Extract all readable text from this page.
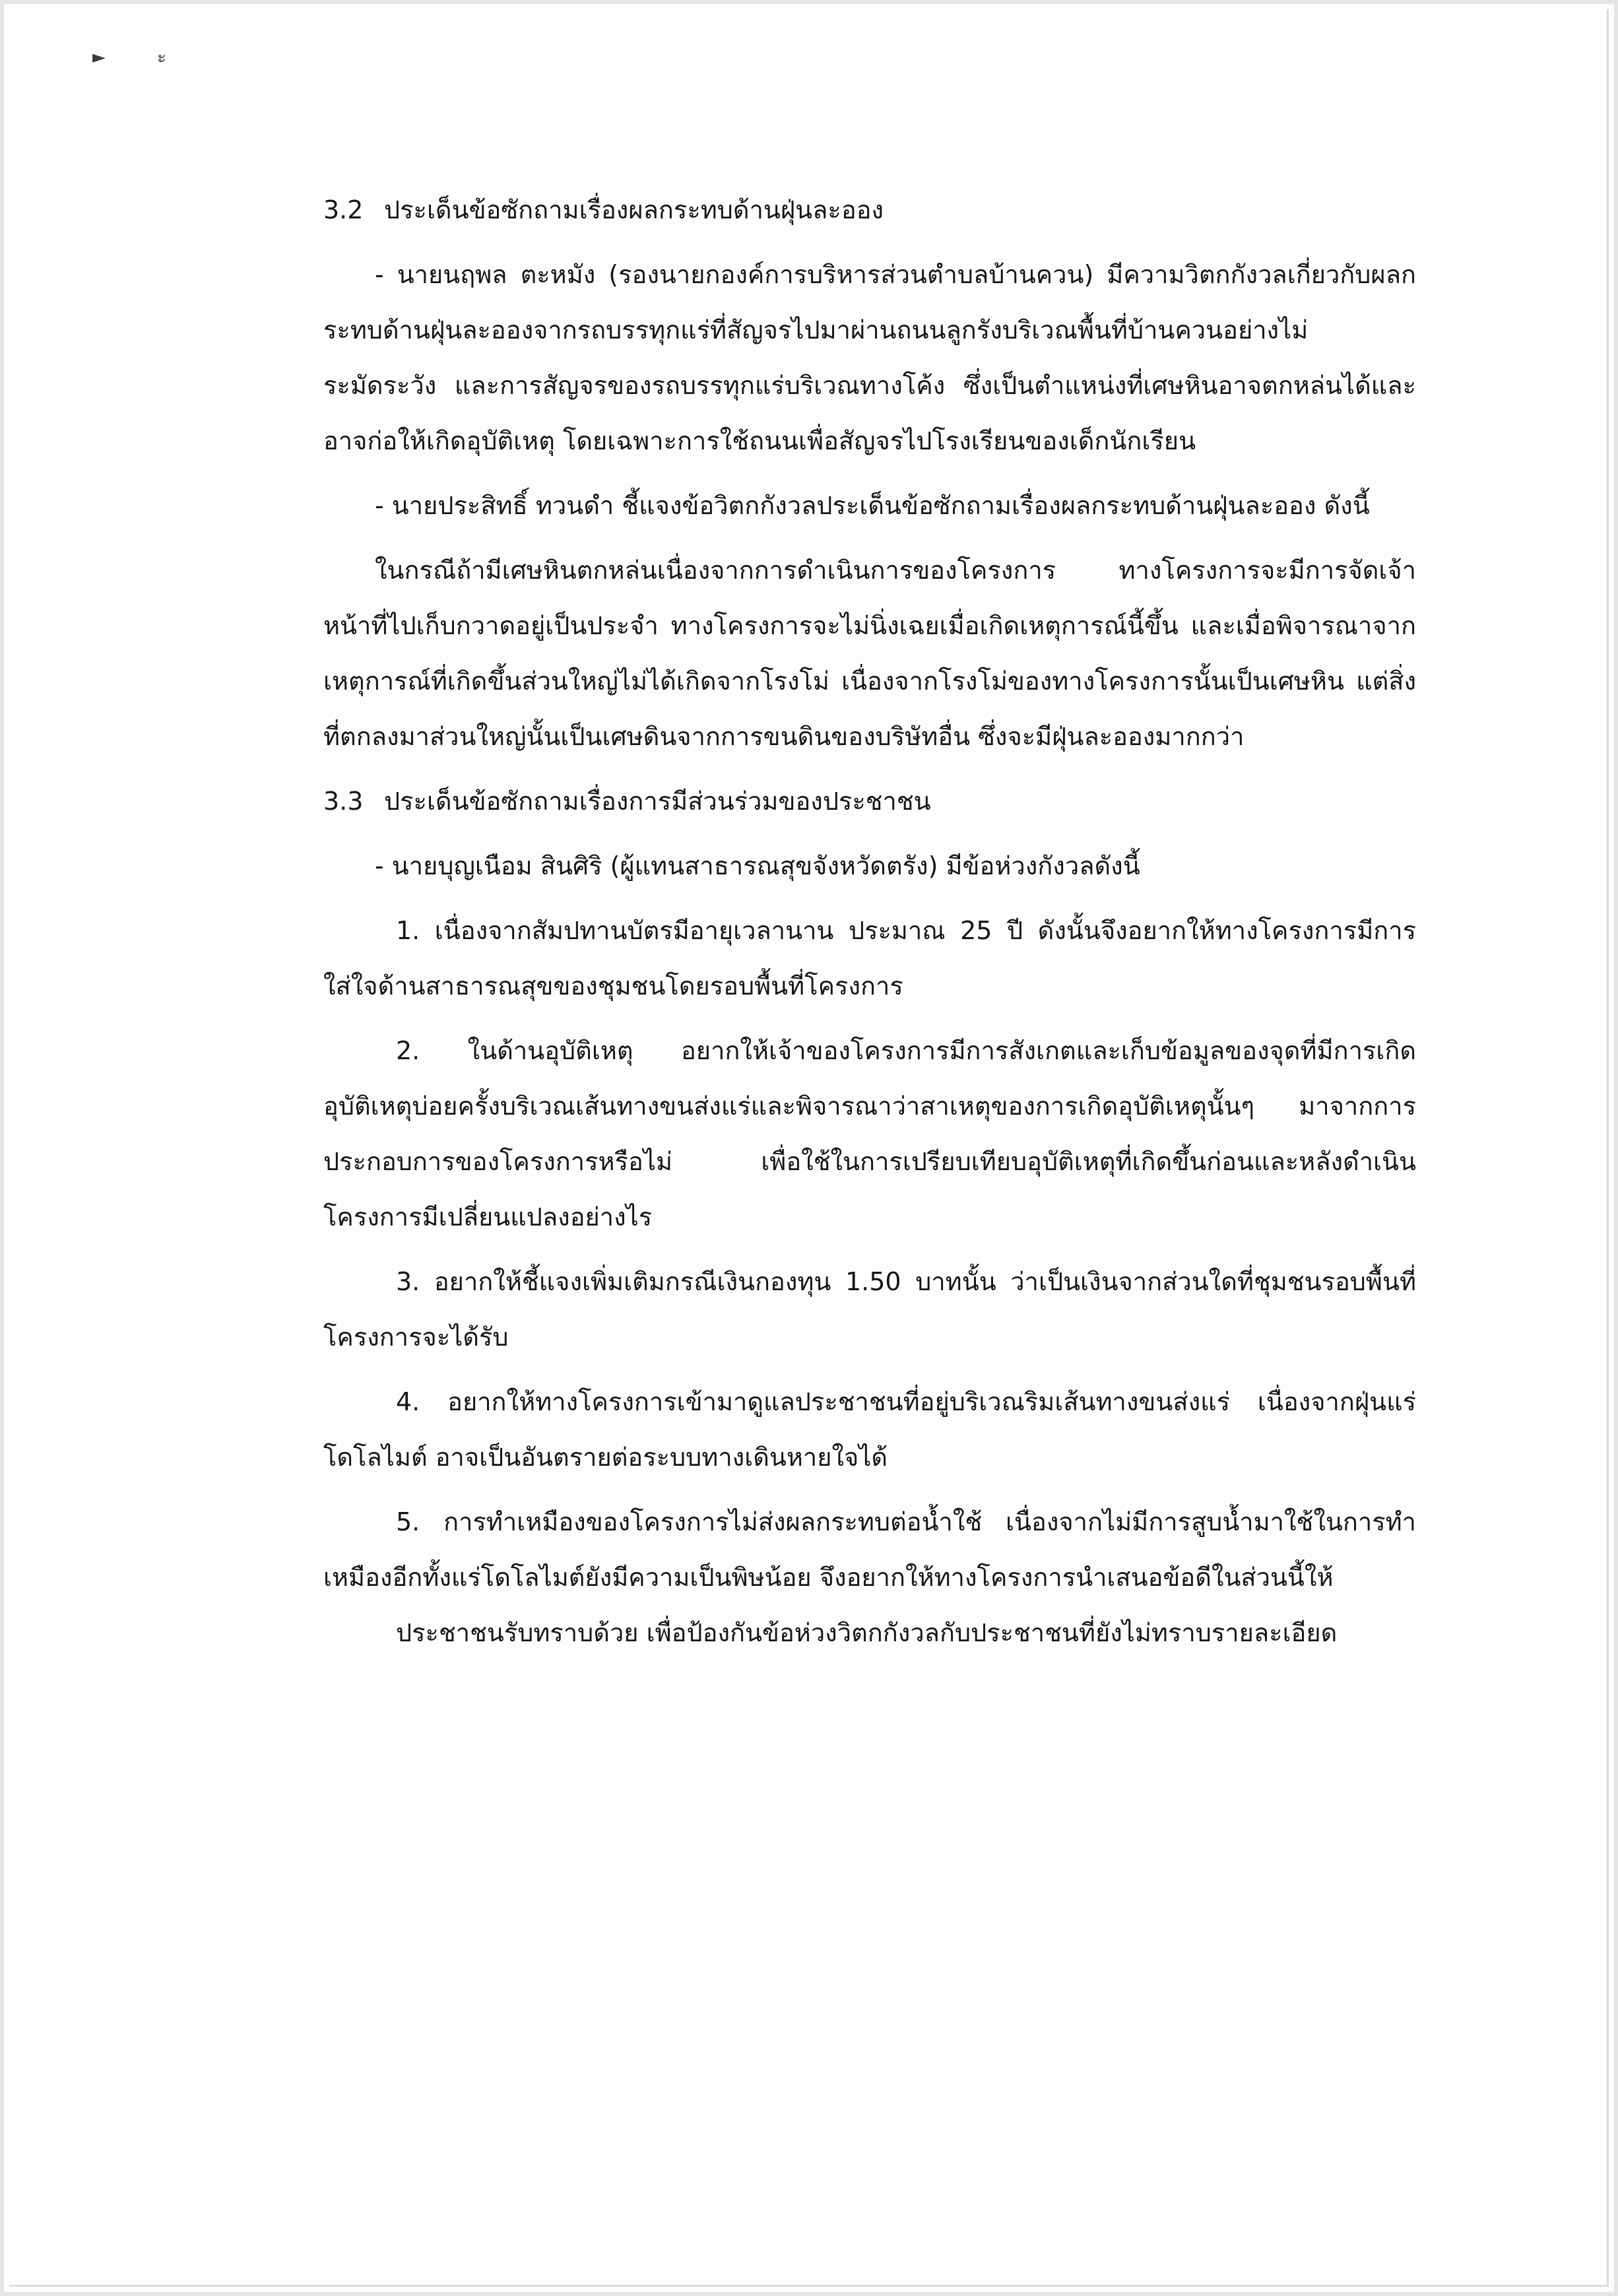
►	ะ

3.2 ประเด็นข้อซักถามเรื่องผลกระทบด้านฝุ่นละออง

- นายนฤพล ตะหมัง (รองนายกองค์การบริหารส่วนตำบลบ้านควน) มีความวิตกกังวลเกี่ยวกับผลกระทบด้านฝุ่นละอองจากรถบรรทุกแร่ที่สัญจรไปมาผ่านถนนลูกรังบริเวณพื้นที่บ้านควนอย่างไม่ระมัดระวัง และการสัญจรของรถบรรทุกแร่บริเวณทางโค้ง ซึ่งเป็นตำแหน่งที่เศษหินอาจตกหล่นได้และอาจก่อให้เกิดอุบัติเหตุ โดยเฉพาะการใช้ถนนเพื่อสัญจรไปโรงเรียนของเด็กนักเรียน

- นายประสิทธิ์ ทวนดำ ชี้แจงข้อวิตกกังวลประเด็นข้อซักถามเรื่องผลกระทบด้านฝุ่นละออง ดังนี้

ในกรณีถ้ามีเศษหินตกหล่นเนื่องจากการดำเนินการของโครงการ ทางโครงการจะมีการจัดเจ้าหน้าที่ไปเก็บกวาดอยู่เป็นประจำ ทางโครงการจะไม่นิ่งเฉยเมื่อเกิดเหตุการณ์นี้ขึ้น และเมื่อพิจารณาจากเหตุการณ์ที่เกิดขึ้นส่วนใหญ่ไม่ได้เกิดจากโรงโม่ เนื่องจากโรงโม่ของทางโครงการนั้นเป็นเศษหิน แต่สิ่งที่ตกลงมาส่วนใหญ่นั้นเป็นเศษดินจากการขนดินของบริษัทอื่น ซึ่งจะมีฝุ่นละอองมากกว่า

3.3 ประเด็นข้อซักถามเรื่องการมีส่วนร่วมของประชาชน

- นายบุญเนือม สินศิริ (ผู้แทนสาธารณสุขจังหวัดตรัง) มีข้อห่วงกังวลดังนี้

1. เนื่องจากสัมปทานบัตรมีอายุเวลานาน ประมาณ 25 ปี ดังนั้นจึงอยากให้ทางโครงการมีการใส่ใจด้านสาธารณสุขของชุมชนโดยรอบพื้นที่โครงการ

2. ในด้านอุบัติเหตุ อยากให้เจ้าของโครงการมีการสังเกตและเก็บข้อมูลของจุดที่มีการเกิดอุบัติเหตุบ่อยครั้งบริเวณเส้นทางขนส่งแร่และพิจารณาว่าสาเหตุของการเกิดอุบัติเหตุนั้นๆ มาจากการประกอบการของโครงการหรือไม่ เพื่อใช้ในการเปรียบเทียบอุบัติเหตุที่เกิดขึ้นก่อนและหลังดำเนินโครงการมีเปลี่ยนแปลงอย่างไร

3. อยากให้ชี้แจงเพิ่มเติมกรณีเงินกองทุน 1.50 บาทนั้น ว่าเป็นเงินจากส่วนใดที่ชุมชนรอบพื้นที่โครงการจะได้รับ

4. อยากให้ทางโครงการเข้ามาดูแลประชาชนที่อยู่บริเวณริมเส้นทางขนส่งแร่ เนื่องจากฝุ่นแร่โดโลไมต์ อาจเป็นอันตรายต่อระบบทางเดินหายใจได้

5. การทำเหมืองของโครงการไม่ส่งผลกระทบต่อน้ำใช้ เนื่องจากไม่มีการสูบน้ำมาใช้ในการทำเหมืองอีกทั้งแร่โดโลไมต์ยังมีความเป็นพิษน้อย จึงอยากให้ทางโครงการนำเสนอข้อดีในส่วนนี้ให้

ประชาชนรับทราบด้วย เพื่อป้องกันข้อห่วงวิตกกังวลกับประชาชนที่ยังไม่ทราบรายละเอียด
